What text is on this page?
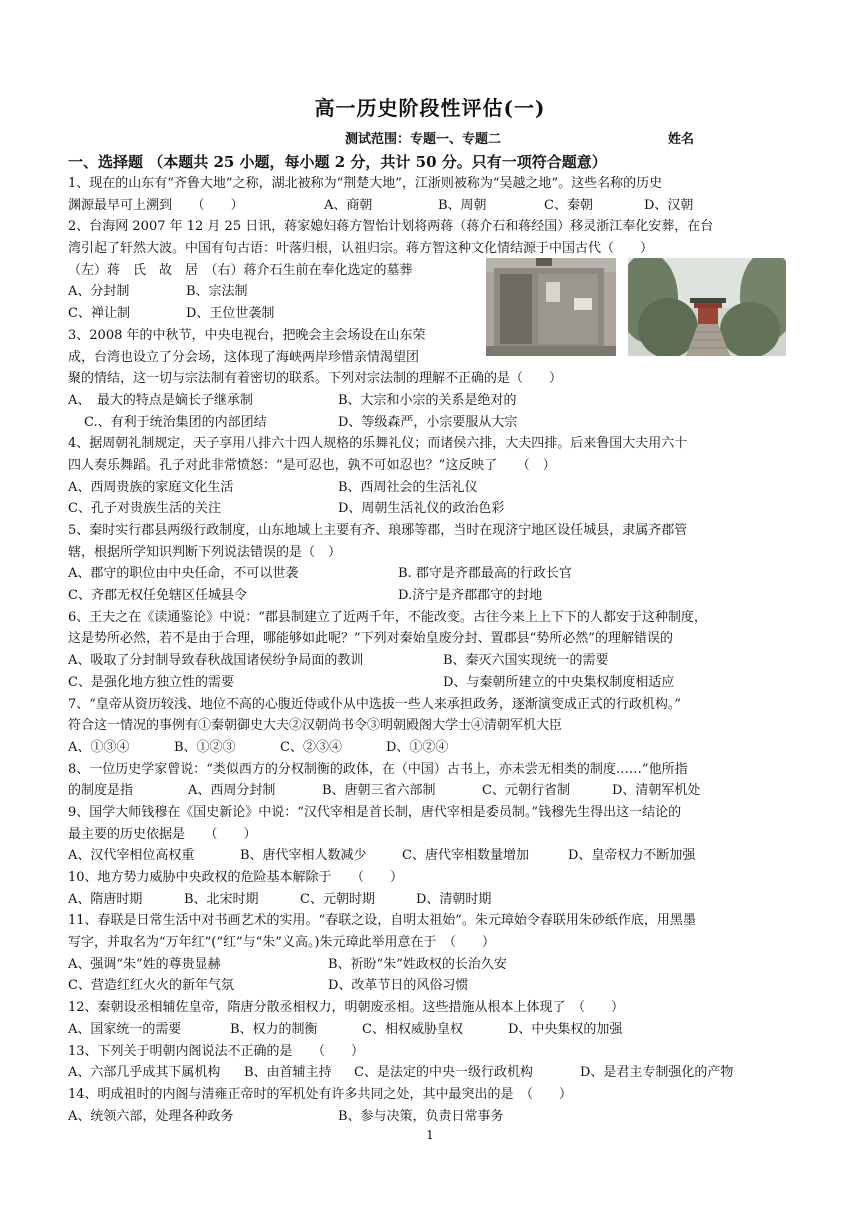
高一历史阶段性评估(一)
测试范围：专题一、专题二	姓名
一、选择题 （本题共 25 小题，每小题 2 分，共计 50 分。只有一项符合题意）
1、现在的山东有“齐鲁大地”之称，湖北被称为“荆楚大地”，江浙则被称为“吴越之地”。这些名称的历史
渊源最早可上溯到　　（　　）	A、商朝	B、周朝	C、秦朝	D、汉朝
2、台海网 2007 年 12 月 25 日讯，蒋家媳妇蒋方智怡计划将两蒋（蒋介石和蒋经国）移灵浙江奉化安葬，在台
湾引起了轩然大波。中国有句古语：叶落归根，认祖归宗。蒋方智这种文化情结源于中国古代（　　）
（左）蒋　氏　故　居　（右）蒋介石生前在奉化选定的墓葬
A、分封制	B、宗法制
C、禅让制	D、王位世袭制
3、2008 年的中秋节，中央电视台，把晚会主会场设在山东荣
成，台湾也设立了分会场，这体现了海峡两岸珍惜亲情渴望团
聚的情结，这一切与宗法制有着密切的联系。下列对宗法制的理解不正确的是（　　）
A、　最大的特点是嫡长子继承制	B、大宗和小宗的关系是绝对的
C.、有利于统治集团的内部团结	D、等级森严，小宗要服从大宗
4、据周朝礼制规定，天子享用八排六十四人规格的乐舞礼仪；而诸侯六排，大夫四排。后来鲁国大夫用六十
四人奏乐舞蹈。孔子对此非常愤怒：“是可忍也，孰不可如忍也？”这反映了　　（　）
A、西周贵族的家庭文化生活	B、西周社会的生活礼仪
C、孔子对贵族生活的关注	D、周朝生活礼仪的政治色彩
5、秦时实行郡县两级行政制度，山东地域上主要有齐、琅琊等郡，当时在现济宁地区设任城县，隶属齐郡管
辖，根据所学知识判断下列说法错误的是（　）
A、郡守的职位由中央任命，不可以世袭	B. 郡守是齐郡最高的行政长官
C、齐郡无权任免辖区任城县令	D.济宁是齐郡郡守的封地
6、王夫之在《读通鉴论》中说：“郡县制建立了近两千年，不能改变。古往今来上上下下的人都安于这种制度，
这是势所必然，若不是由于合理，哪能够如此呢？”下列对秦始皇废分封、置郡县“势所必然”的理解错误的
A、吸取了分封制导致春秋战国诸侯纷争局面的教训	B、秦灭六国实现统一的需要
C、是强化地方独立性的需要	D、与秦朝所建立的中央集权制度相适应
7、“皇帝从资历较浅、地位不高的心腹近侍或仆从中选拔一些人来承担政务，逐渐演变成正式的行政机构。”
符合这一情况的事例有①秦朝御史大夫②汉朝尚书令③明朝殿阁大学士④清朝军机大臣
A、①③④	B、①②③	C、②③④	D、①②④
8、一位历史学家曾说：“类似西方的分权制衡的政体，在（中国）古书上，亦未尝无相类的制度……”他所指
的制度是指	A、西周分封制	B、唐朝三省六部制	C、元朝行省制	D、清朝军机处
9、国学大师钱穆在《国史新论》中说：“汉代宰相是首长制，唐代宰相是委员制。”钱穆先生得出这一结论的
最主要的历史依据是　　（　　）
A、汉代宰相位高权重	B、唐代宰相人数减少	C、唐代宰相数量增加	D、皇帝权力不断加强
10、地方势力威胁中央政权的危险基本解除于　　（　　）
A、隋唐时期	B、北宋时期	C、元朝时期	D、清朝时期
11、春联是日常生活中对书画艺术的实用。“春联之设，自明太祖始”。朱元璋始令春联用朱砂纸作底，用黑墨
写字，并取名为“万年红”(“红”与“朱”义高。)朱元璋此举用意在于　（　　）
A、强调“朱”姓的尊贵显赫	B、祈盼“朱”姓政权的长治久安
C、营造红红火火的新年气氛	D、改革节日的风俗习惯
12、秦朝设丞相辅佐皇帝，隋唐分散丞相权力，明朝废丞相。这些措施从根本上体现了　（　　）
A、国家统一的需要	B、权力的制衡	C、相权威胁皇权	D、中央集权的加强
13、下列关于明朝内阁说法不正确的是　　（　　）
A、六部几乎成其下属机构	B、由首辅主持	C、是法定的中央一级行政机构	D、是君主专制强化的产物
14、明成祖时的内阁与清雍正帝时的军机处有许多共同之处，其中最突出的是　（　　）
A、统领六部，处理各种政务	B、参与决策，负责日常事务
1
